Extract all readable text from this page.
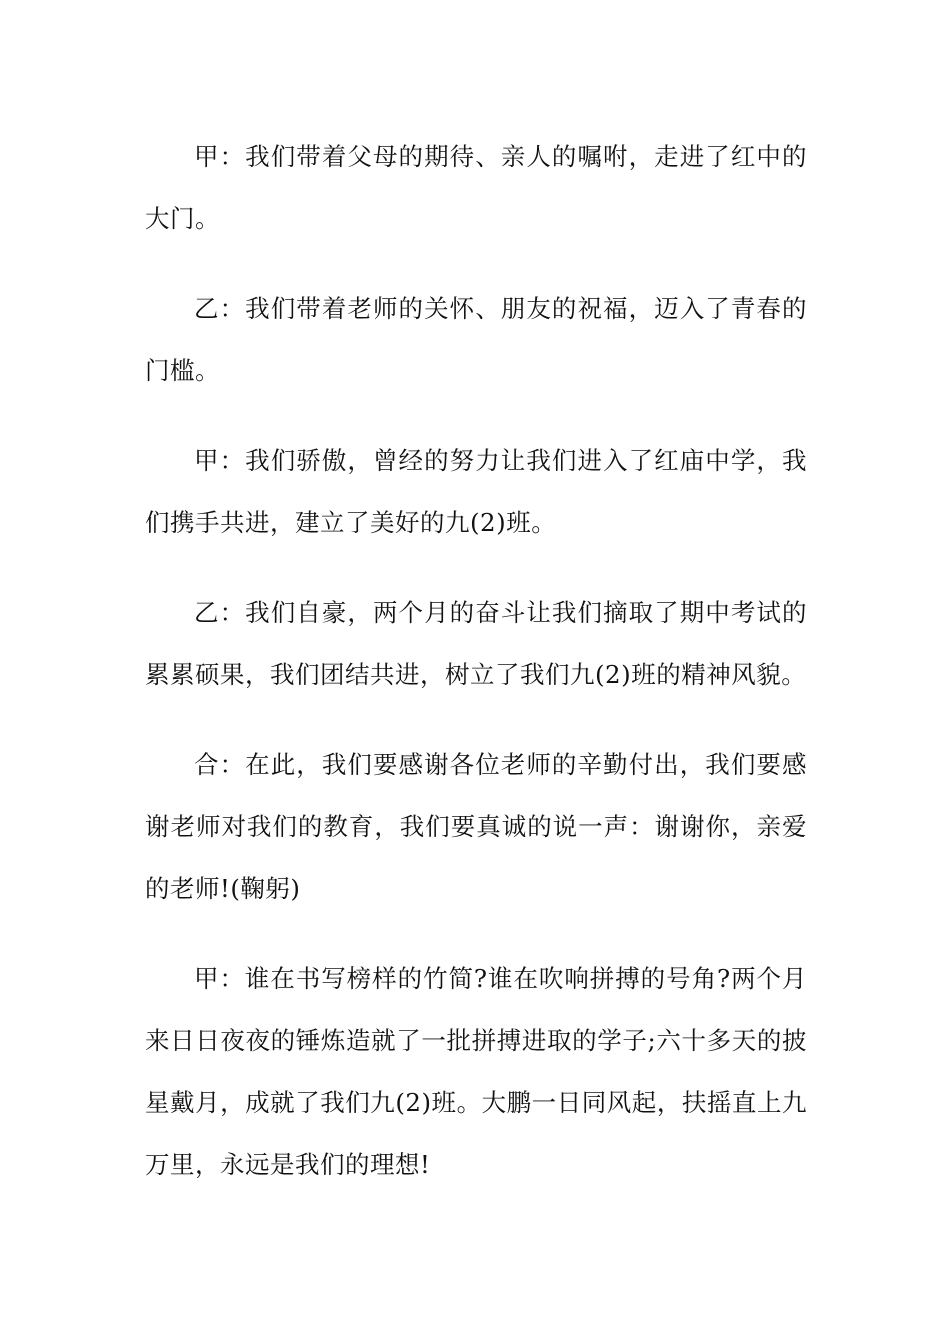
甲：我们带着父母的期待、亲人的嘱咐，走进了红中的大门。

乙：我们带着老师的关怀、朋友的祝福，迈入了青春的门槛。

甲：我们骄傲，曾经的努力让我们进入了红庙中学，我们携手共进，建立了美好的九(2)班。

乙：我们自豪，两个月的奋斗让我们摘取了期中考试的累累硕果，我们团结共进，树立了我们九(2)班的精神风貌。

合：在此，我们要感谢各位老师的辛勤付出，我们要感谢老师对我们的教育，我们要真诚的说一声：谢谢你，亲爱的老师!(鞠躬)

甲：谁在书写榜样的竹简?谁在吹响拼搏的号角?两个月来日日夜夜的锤炼造就了一批拼搏进取的学子;六十多天的披星戴月，成就了我们九(2)班。大鹏一日同风起，扶摇直上九万里，永远是我们的理想!
